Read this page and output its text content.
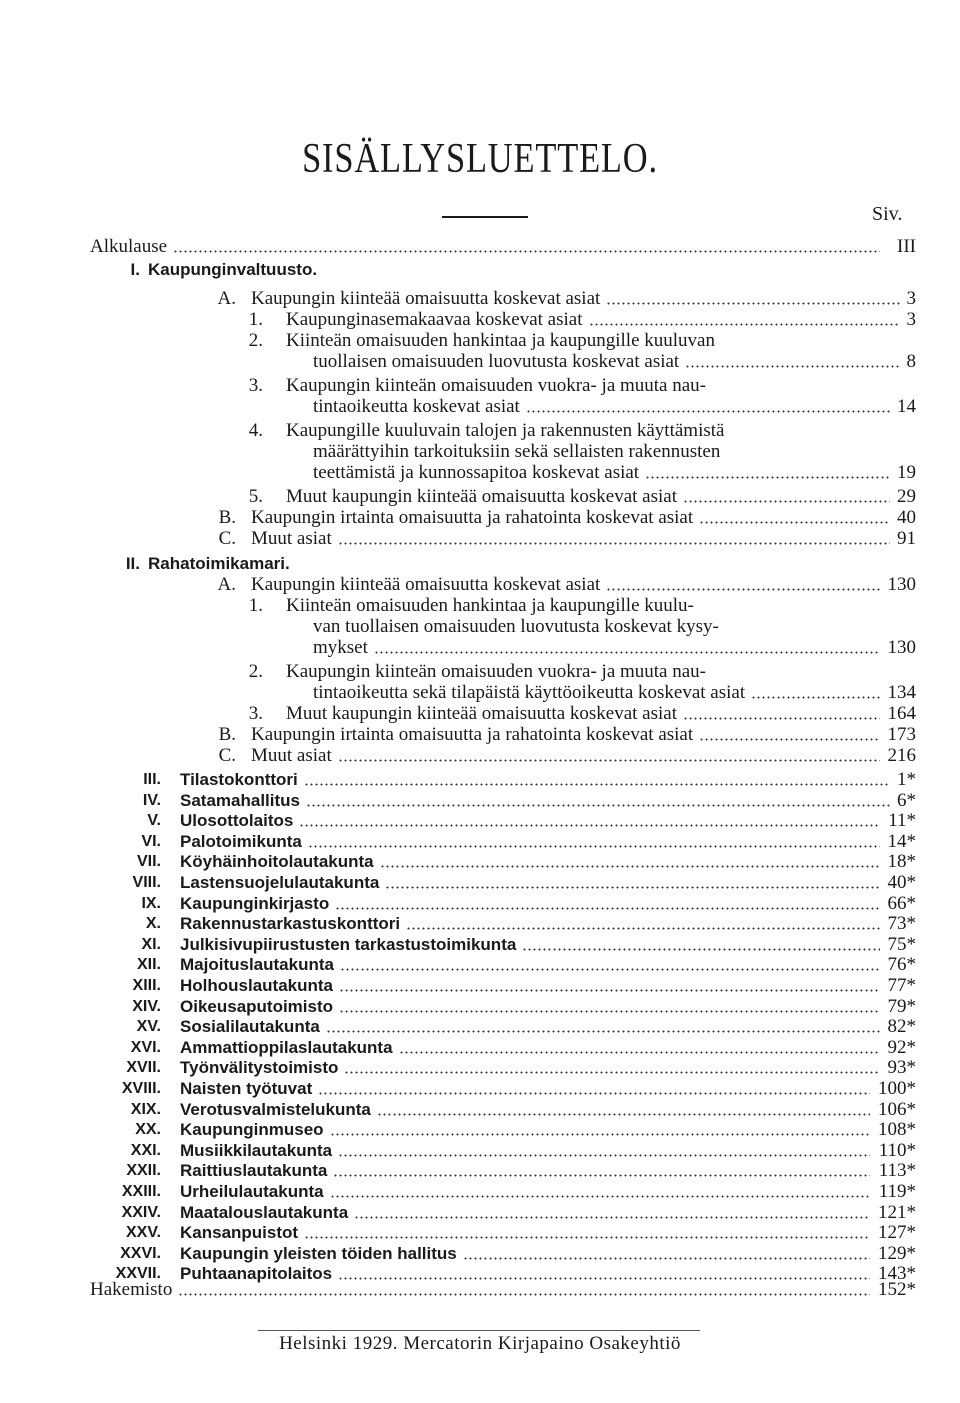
SISÄLLYSLUETTELO.
Siv.
Alkulause	III
I. Kaupunginvaltuusto.
A. Kaupungin kiinteää omaisuutta koskevat asiat	3
1. Kaupunginasemakaavaa koskevat asiat	3
2. Kiinteän omaisuuden hankintaa ja kaupungille kuuluvan
tuollaisen omaisuuden luovutusta koskevat asiat	8
3. Kaupungin kiinteän omaisuuden vuokra- ja muuta nau-
tintaoikeutta koskevat asiat	14
4. Kaupungille kuuluvain talojen ja rakennusten käyttämistä
määrättyihin tarkoituksiin sekä sellaisten rakennusten
teettämistä ja kunnossapitoa koskevat asiat	19
5. Muut kaupungin kiinteää omaisuutta koskevat asiat	29
B. Kaupungin irtainta omaisuutta ja rahatointa koskevat asiat	40
C. Muut asiat	91
II. Rahatoimikamari.
A. Kaupungin kiinteää omaisuutta koskevat asiat	130
1. Kiinteän omaisuuden hankintaa ja kaupungille kuulu-
van tuollaisen omaisuuden luovutusta koskevat kysy-
mykset	130
2. Kaupungin kiinteän omaisuuden vuokra- ja muuta nau-
tintaoikeutta sekä tilapäistä käyttöoikeutta koskevat asiat	134
3. Muut kaupungin kiinteää omaisuutta koskevat asiat	164
B. Kaupungin irtainta omaisuutta ja rahatointa koskevat asiat	173
C. Muut asiat	216
III. Tilastokonttori	1*
IV. Satamahallitus	6*
V. Ulosottolaitos	11*
VI. Palotoimikunta	14*
VII. Köyhäinhoitolautakunta	18*
VIII. Lastensuojelulautakunta	40*
IX. Kaupunginkirjasto	66*
X. Rakennustarkastuskonttori	73*
XI. Julkisivupiirustusten tarkastustoimikunta	75*
XII. Majoituslautakunta	76*
XIII. Holhouslautakunta	77*
XIV. Oikeusaputoimisto	79*
XV. Sosialilautakunta	82*
XVI. Ammattioppilaslautakunta	92*
XVII. Työnvälitystoimisto	93*
XVIII. Naisten työtuvat	100*
XIX. Verotusvalmistelukunta	106*
XX. Kaupunginmuseo	108*
XXI. Musiikkilautakunta	110*
XXII. Raittiuslautakunta	113*
XXIII. Urheilulautakunta	119*
XXIV. Maatalouslautakunta	121*
XXV. Kansanpuistot	127*
XXVI. Kaupungin yleisten töiden hallitus	129*
XXVII. Puhtaanapitolaitos	143*
Hakemisto	152*
Helsinki 1929. Mercatorin Kirjapaino Osakeyhtiö
